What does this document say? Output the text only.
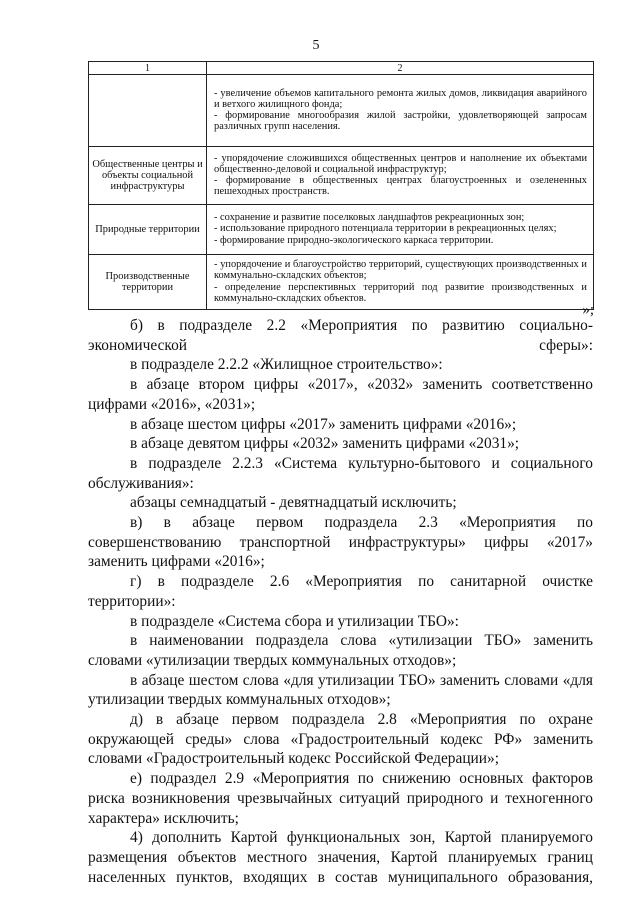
5
1	2

	- увеличение объемов капитального ремонта жилых домов, ликвидация аварийного и ветхого жилищного фонда;
- формирование многообразия жилой застройки, удовлетворяющей запросам различных групп населения.

Общественные центры и объекты социальной инфраструктуры	- упорядочение сложившихся общественных центров и наполнение их объектами общественно-деловой и социальной инфраструктур;
- формирование в общественных центрах благоустроенных и озелененных пешеходных пространств.

Природные территории	- сохранение и развитие поселковых ландшафтов рекреационных зон;
- использование природного потенциала территории в рекреационных целях;
- формирование природно-экологического каркаса территории.

Производственные территории	- упорядочение и благоустройство территорий, существующих производственных и коммунально-складских объектов;
- определение перспективных территорий под развитие производственных и коммунально-складских объектов.
»;

б) в подразделе 2.2 «Мероприятия по развитию социально-экономической сферы»:

в подразделе 2.2.2 «Жилищное строительство»:

в абзаце втором цифры «2017», «2032» заменить соответственно цифрами «2016», «2031»;

в абзаце шестом цифры «2017» заменить цифрами «2016»;

в абзаце девятом цифры «2032» заменить цифрами «2031»;

в подразделе 2.2.3 «Система культурно-бытового и социального обслуживания»:

абзацы семнадцатый - девятнадцатый исключить;

в) в абзаце первом подраздела 2.3 «Мероприятия по совершенствованию транспортной инфраструктуры» цифры «2017» заменить цифрами «2016»;

г) в подразделе 2.6 «Мероприятия по санитарной очистке территории»:

в подразделе «Система сбора и утилизации ТБО»:

в наименовании подраздела слова «утилизации ТБО» заменить словами «утилизации твердых коммунальных отходов»;

в абзаце шестом слова «для утилизации ТБО» заменить словами «для утилизации твердых коммунальных отходов»;

д) в абзаце первом подраздела 2.8 «Мероприятия по охране окружающей среды» слова «Градостроительный кодекс РФ» заменить словами «Градостроительный кодекс Российской Федерации»;

е) подраздел 2.9 «Мероприятия по снижению основных факторов риска возникновения чрезвычайных ситуаций природного и техногенного характера» исключить;

4) дополнить Картой функциональных зон, Картой планируемого размещения объектов местного значения, Картой планируемых границ населенных пунктов, входящих в состав муниципального образования,
